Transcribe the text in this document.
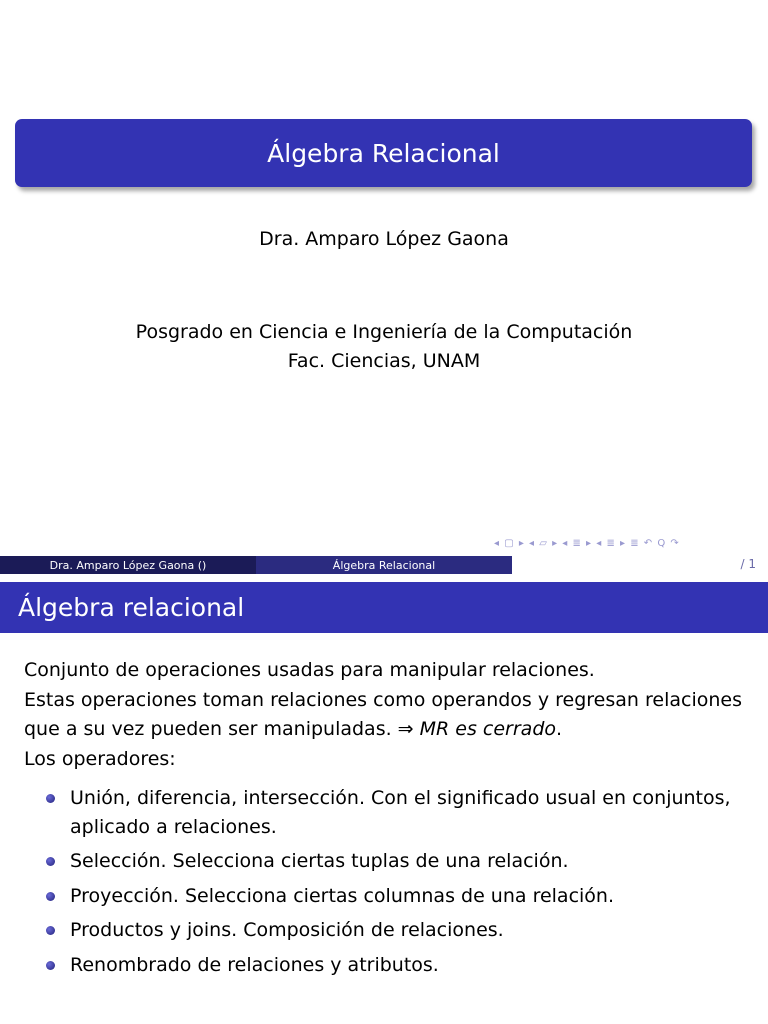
Álgebra Relacional
Dra. Amparo López Gaona
Posgrado en Ciencia e Ingeniería de la Computación
Fac. Ciencias, UNAM
◂ ▢ ▸ ◂ ▱ ▸ ◂ ≣ ▸ ◂ ≣ ▸ ≣ ↶ Q ↷
Dra. Amparo López Gaona ()	Álgebra Relacional	/ 1
Álgebra relacional

Conjunto de operaciones usadas para manipular relaciones.

Estas operaciones toman relaciones como operandos y regresan relaciones que a su vez pueden ser manipuladas. ⇒ MR es cerrado.

Los operadores:

Unión, diferencia, intersección. Con el significado usual en conjuntos, aplicado a relaciones.
Selección. Selecciona ciertas tuplas de una relación.
Proyección. Selecciona ciertas columnas de una relación.
Productos y joins. Composición de relaciones.
Renombrado de relaciones y atributos.
